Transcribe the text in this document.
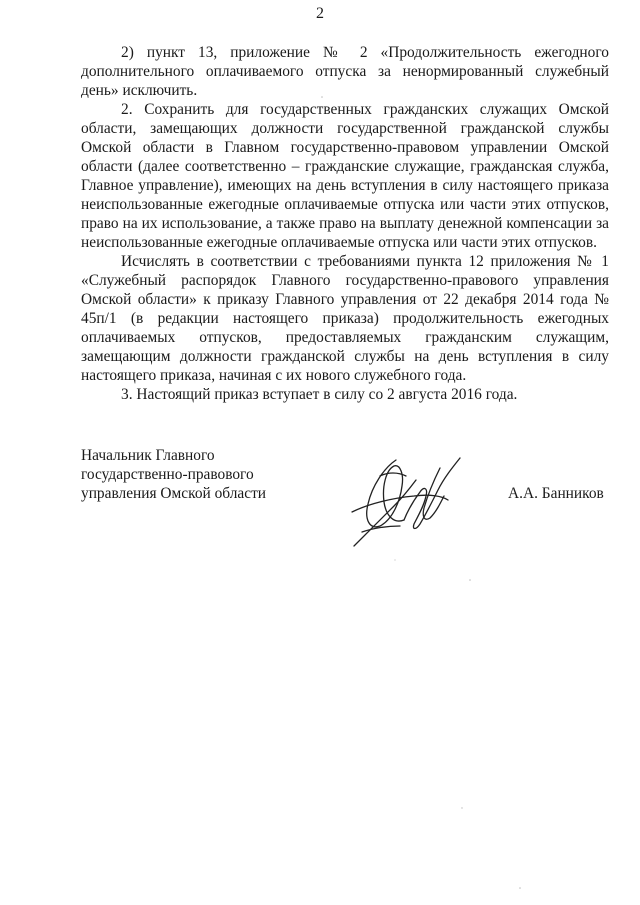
2

2) пункт 13, приложение № 2 «Продолжительность ежегодного дополнительного оплачиваемого отпуска за ненормированный служебный день» исключить.

2. Сохранить для государственных гражданских служащих Омской области, замещающих должности государственной гражданской службы Омской области в Главном государственно-правовом управлении Омской области (далее соответственно – гражданские служащие, гражданская служба, Главное управление), имеющих на день вступления в силу настоящего приказа неиспользованные ежегодные оплачиваемые отпуска или части этих отпусков, право на их использование, а также право на выплату денежной компенсации за неиспользованные ежегодные оплачиваемые отпуска или части этих отпусков.

Исчислять в соответствии с требованиями пункта 12 приложения № 1 «Служебный распорядок Главного государственно-правового управления Омской области» к приказу Главного управления от 22 декабря 2014 года № 45п/1 (в редакции настоящего приказа) продолжительность ежегодных оплачиваемых отпусков, предоставляемых гражданским служащим, замещающим должности гражданской службы на день вступления в силу настоящего приказа, начиная с их нового служебного года.

3. Настоящий приказ вступает в силу со 2 августа 2016 года.

Начальник Главного
государственно-правового
управления Омской области	А.А. Банников
